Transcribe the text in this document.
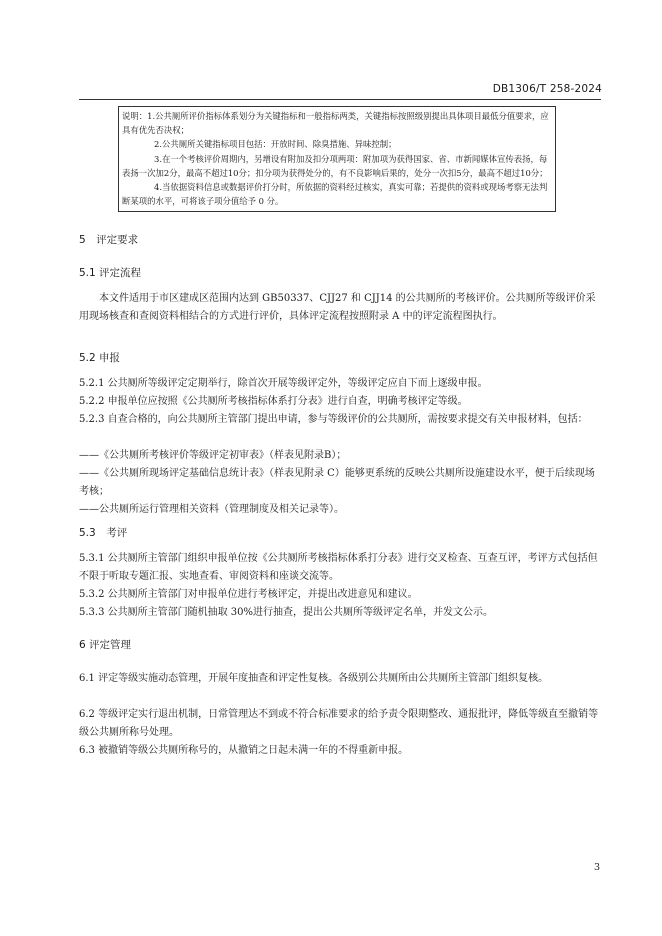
DB1306/T 258-2024

说明：1.公共厕所评价指标体系划分为关键指标和一般指标两类，关键指标按照级别提出具体项目最低分值要求，应具有优先否决权；

2.公共厕所关键指标项目包括：开放时间、除臭措施、异味控制；

3.在一个考核评价周期内，另增设有附加及扣分项两项：附加项为获得国家、省、市新闻媒体宣传表扬，每表扬一次加2分，最高不超过10分；扣分项为获得处分的，有不良影响后果的，处分一次扣5分，最高不超过10分；

4.当依据资料信息或数据评价打分时，所依据的资料经过核实，真实可靠；若提供的资料或现场考察无法判断某项的水平，可将该子项分值给予 0 分。

5　评定要求
5.1 评定流程

本文件适用于市区建成区范围内达到 GB50337、CJJ27 和 CJJ14 的公共厕所的考核评价。公共厕所等级评价采用现场核查和查阅资料相结合的方式进行评价，具体评定流程按照附录 A 中的评定流程图执行。

5.2 申报

5.2.1 公共厕所等级评定定期举行，除首次开展等级评定外，等级评定应自下而上逐级申报。

5.2.2 申报单位应按照《公共厕所考核指标体系打分表》进行自查，明确考核评定等级。

5.2.3 自查合格的，向公共厕所主管部门提出申请，参与等级评价的公共厕所，需按要求提交有关申报材料，包括：

——《公共厕所考核评价等级评定初审表》（样表见附录B）；

——《公共厕所现场评定基础信息统计表》（样表见附录 C）能够更系统的反映公共厕所设施建设水平，便于后续现场考核；

——公共厕所运行管理相关资料（管理制度及相关记录等）。

5.3　考评

5.3.1 公共厕所主管部门组织申报单位按《公共厕所考核指标体系打分表》进行交叉检查、互查互评，考评方式包括但不限于听取专题汇报、实地查看、审阅资料和座谈交流等。

5.3.2 公共厕所主管部门对申报单位进行考核评定，并提出改进意见和建议。

5.3.3 公共厕所主管部门随机抽取 30%进行抽查，提出公共厕所等级评定名单，并发文公示。

6 评定管理

6.1 评定等级实施动态管理，开展年度抽查和评定性复核。各级别公共厕所由公共厕所主管部门组织复核。

6.2 等级评定实行退出机制，日常管理达不到或不符合标准要求的给予责令限期整改、通报批评，降低等级直至撤销等级公共厕所称号处理。

6.3 被撤销等级公共厕所称号的，从撤销之日起未满一年的不得重新申报。

3
